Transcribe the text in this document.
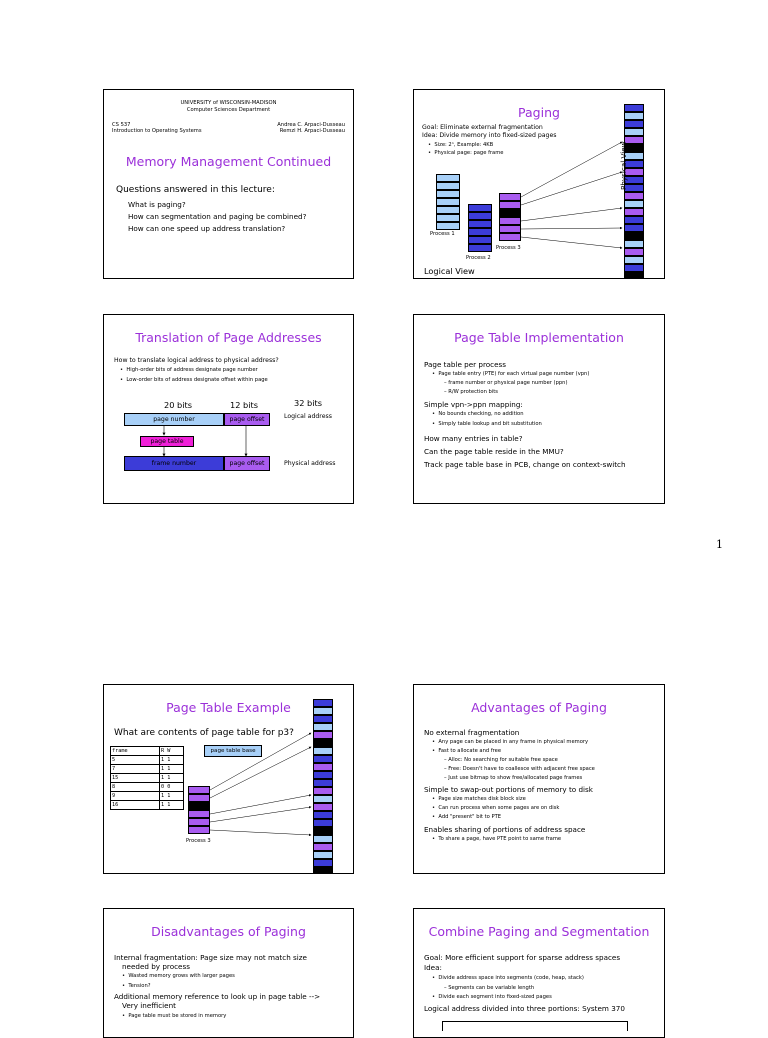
UNIVERSITY of WISCONSIN-MADISON
Computer Sciences Department
CS 537
Introduction to Operating Systems
Andrea C. Arpaci-Dusseau
Remzi H. Arpaci-Dusseau
Memory Management Continued
Questions answered in this lecture:
What is paging?
How can segmentation and paging be combined?
How can one speed up address translation?
Paging
Goal: Eliminate external fragmentation
Idea: Divide memory into fixed-sized pages
•  Size: 2ⁿ, Example: 4KB
•  Physical page: page frame
Process 1
Process 2
Process 3
Physical View
Logical View
Translation of Page Addresses
How to translate logical address to physical address?
•  High-order bits of address designate page number
•  Low-order bits of address designate offset within page
20 bits	12 bits	32 bits
page number	page offset	Logical address
page table
frame number	page offset	Physical address
Page Table Implementation
Page table per process
•  Page table entry (PTE) for each virtual page number (vpn)
– frame number or physical page number (ppn)
– R/W protection bits
Simple vpn->ppn mapping:
•  No bounds checking, no addition
•  Simply table lookup and bit substitution
How many entries in table?
Can the page table reside in the MMU?
Track page table base in PCB, change on context-switch
1
Page Table Example
What are contents of page table for p3?
frame	R W
5	1 1
7	1 1
15	1 1
8	0 0
9	1 1
16	1 1
page table base
Process 3
Advantages of Paging
No external fragmentation
•  Any page can be placed in any frame in physical memory
•  Fast to allocate and free
– Alloc: No searching for suitable free space
– Free: Doesn't have to coallesce with adjacent free space
– Just use bitmap to show free/allocated page frames
Simple to swap-out portions of memory to disk
•  Page size matches disk block size
•  Can run process when some pages are on disk
•  Add "present" bit to PTE
Enables sharing of portions of address space
•  To share a page, have PTE point to same frame
Disadvantages of Paging
Internal fragmentation: Page size may not match size
needed by process
•  Wasted memory grows with larger pages
•  Tension?
Additional memory reference to look up in page table -->
Very inefficient
•  Page table must be stored in memory
Combine Paging and Segmentation
Goal: More efficient support for sparse address spaces
Idea:
•  Divide address space into segments (code, heap, stack)
– Segments can be variable length
•  Divide each segment into fixed-sized pages
Logical address divided into three portions: System 370
